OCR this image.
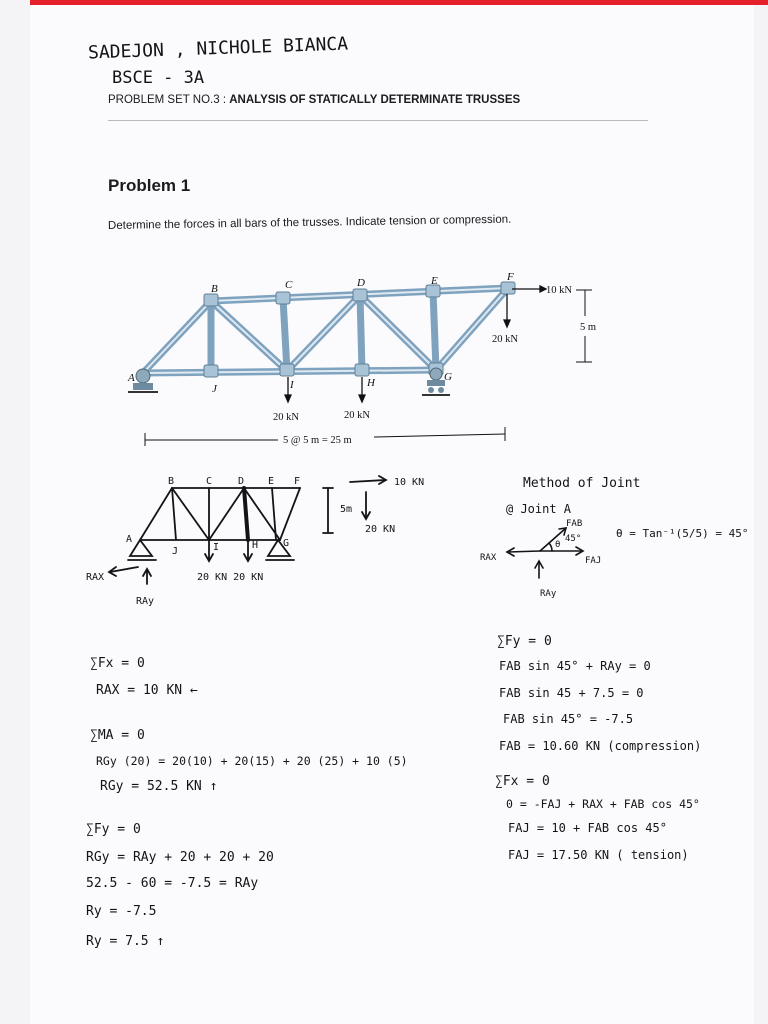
SADEJON , NICHOLE BIANCA
BSCE - 3A
PROBLEM SET NO.3 : ANALYSIS OF STATICALLY DETERMINATE TRUSSES
Problem 1
Determine the forces in all bars of the trusses. Indicate tension or compression.
B	C	D	E	F
A
J	I	H	G
10 kN
20 kN
20 kN	20 kN
5 m
5 @ 5 m = 25 m
B	C	D E F
A
J	I	H G
10 KN
5m
20 KN
20 KN 20 KN
RAX
RAy
FAB
45°
θ
FAJ
RAX
RAy
Method of Joint
@ Joint A
θ = Tan⁻¹(5/5) = 45°
∑Fx = 0
RAX = 10 KN ←
∑MA = 0
RGy (20) = 20(10) + 20(15) + 20 (25) + 10 (5)
RGy = 52.5 KN ↑
∑Fy = 0
RGy = RAy + 20 + 20 + 20
52.5 - 60 = -7.5 = RAy
Ry = -7.5
Ry = 7.5 ↑
∑Fy = 0
FAB sin 45° + RAy = 0
FAB sin 45 + 7.5 = 0
FAB sin 45° = -7.5
FAB = 10.60 KN (compression)
∑Fx = 0
0 = -FAJ + RAX + FAB cos 45°
FAJ = 10 + FAB cos 45°
FAJ = 17.50 KN ( tension)
